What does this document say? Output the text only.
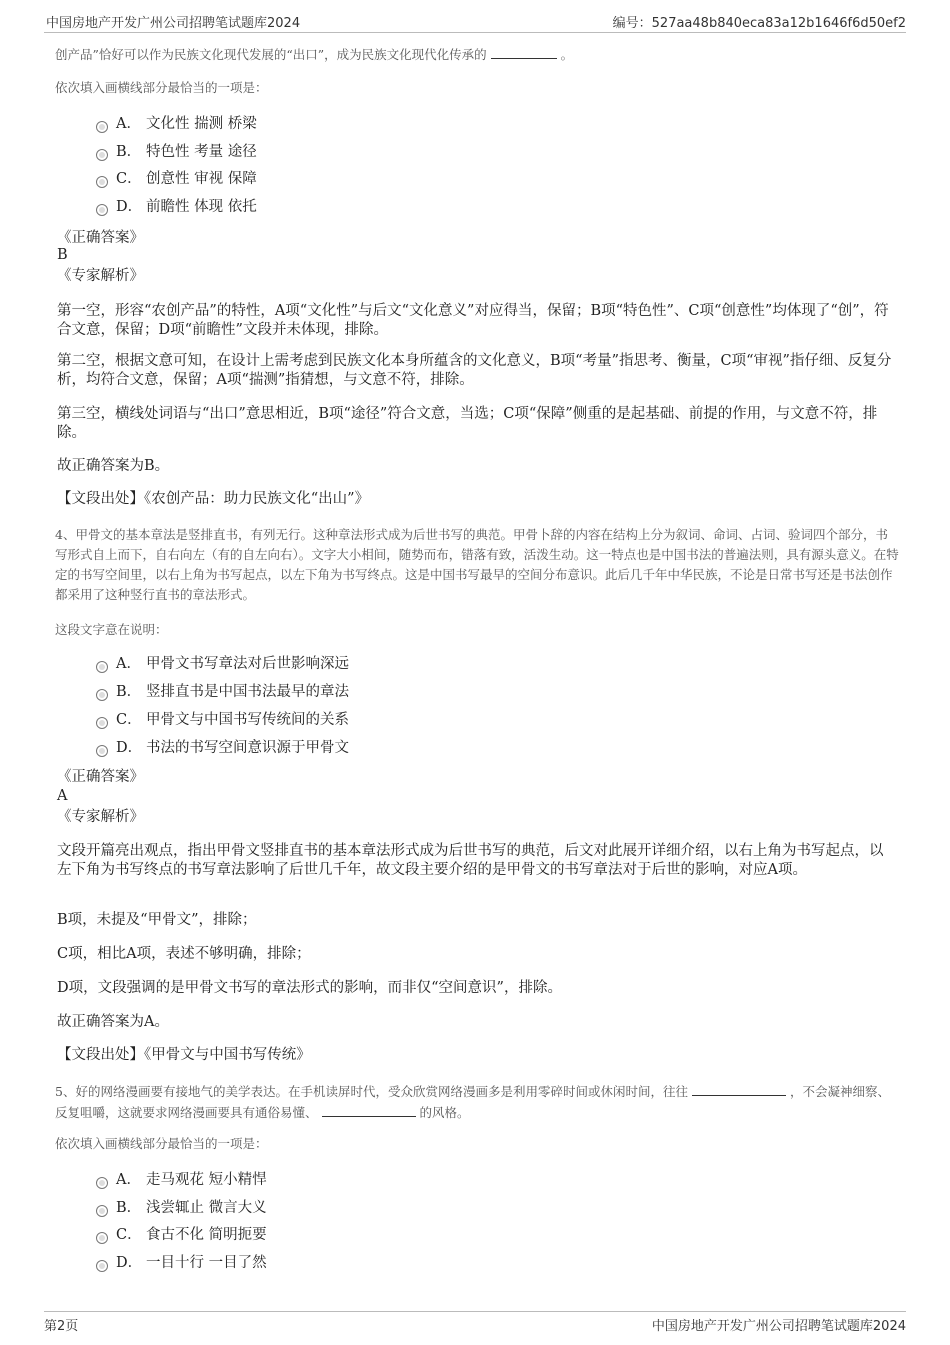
中国房地产开发广州公司招聘笔试题库2024	编号：527aa48b840eca83a12b1646f6d50ef2
创产品”恰好可以作为民族文化现代发展的“出口”，成为民族文化现代化传承的	。
依次填入画横线部分最恰当的一项是：
A． 文化性 揣测 桥梁
B． 特色性 考量 途径
C． 创意性 审视 保障
D． 前瞻性 体现 依托
《正确答案》
B
《专家解析》
第一空，形容“农创产品”的特性，A项“文化性”与后文“文化意义”对应得当，保留；B项“特色性”、C项“创意性”均体现了“创”，符合文意，保留；D项“前瞻性”文段并未体现，排除。
第二空，根据文意可知，在设计上需考虑到民族文化本身所蕴含的文化意义，B项“考量”指思考、衡量，C项“审视”指仔细、反复分析，均符合文意，保留；A项“揣测”指猜想，与文意不符，排除。
第三空，横线处词语与“出口”意思相近，B项“途径”符合文意，当选；C项“保障”侧重的是起基础、前提的作用，与文意不符，排除。
故正确答案为B。
【文段出处】《农创产品：助力民族文化“出山”》
4、甲骨文的基本章法是竖排直书，有列无行。这种章法形式成为后世书写的典范。甲骨卜辞的内容在结构上分为叙词、命词、占词、验词四个部分，书写形式自上而下，自右向左（有的自左向右）。文字大小相间，随势而布，错落有致，活泼生动。这一特点也是中国书法的普遍法则，具有源头意义。在特定的书写空间里，以右上角为书写起点，以左下角为书写终点。这是中国书写最早的空间分布意识。此后几千年中华民族，不论是日常书写还是书法创作都采用了这种竖行直书的章法形式。
这段文字意在说明：
A． 甲骨文书写章法对后世影响深远
B． 竖排直书是中国书法最早的章法
C． 甲骨文与中国书写传统间的关系
D． 书法的书写空间意识源于甲骨文
《正确答案》
A
《专家解析》
文段开篇亮出观点，指出甲骨文竖排直书的基本章法形式成为后世书写的典范，后文对此展开详细介绍，以右上角为书写起点，以左下角为书写终点的书写章法影响了后世几千年，故文段主要介绍的是甲骨文的书写章法对于后世的影响，对应A项。
B项，未提及“甲骨文”，排除；
C项，相比A项，表述不够明确，排除；
D项，文段强调的是甲骨文书写的章法形式的影响，而非仅“空间意识”，排除。
故正确答案为A。
【文段出处】《甲骨文与中国书写传统》
5、好的网络漫画要有接地气的美学表达。在手机读屏时代，受众欣赏网络漫画多是利用零碎时间或休闲时间，往往	，不会凝神细察、反复咀嚼，这就要求网络漫画要具有通俗易懂、	的风格。
依次填入画横线部分最恰当的一项是：
A． 走马观花 短小精悍
B． 浅尝辄止 微言大义
C． 食古不化 简明扼要
D． 一目十行 一目了然
第2页	中国房地产开发广州公司招聘笔试题库2024
